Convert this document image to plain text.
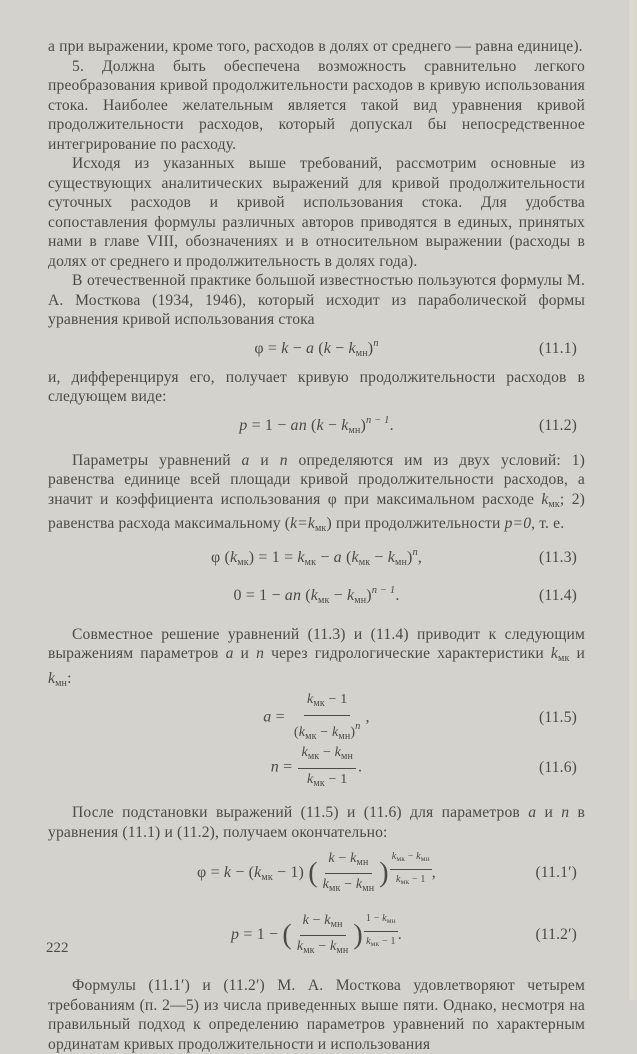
а при выражении, кроме того, расходов в долях от среднего — равна единице).

5. Должна быть обеспечена возможность сравнительно легкого преобразования кривой продолжительности расходов в кривую использования стока. Наиболее желательным является такой вид уравнения кривой продолжительности расходов, который допускал бы непосредственное интегрирование по расходу.

Исходя из указанных выше требований, рассмотрим основные из существующих аналитических выражений для кривой продолжительности суточных расходов и кривой использования стока. Для удобства сопоставления формулы различных авторов приводятся в единых, принятых нами в главе VIII, обозначениях и в относительном выражении (расходы в долях от среднего и продолжительность в долях года).

В отечественной практике большой известностью пользуются формулы М. А. Мосткова (1934, 1946), который исходит из параболической формы уравнения кривой использования стока

φ = k − a $(k - k_{мн})^n$	(11.1)

и, дифференцируя его, получает кривую продолжительности расходов в следующем виде:

p = 1 − an $(k - k_{мн})^{n - 1}$.	(11.2)

Параметры уравнений a и n определяются им из двух условий: 1) равенства единице всей площади кривой продолжительности расходов, а значит и коэффициента использования φ при максимальном расходе $k_{мк}$; 2) равенства расхода максимальному $(k=k_{мк})$ при продолжительности p=0, т. е.

φ $(k_{мк}) = 1 = k_{мк} - a$ $(k_{мк} - k_{мн})^n$,	(11.3)
0 = 1 − an $(k_{мк} - k_{мн})^{n - 1}$.	(11.4)

Совместное решение уравнений (11.3) и (11.4) приводит к следующим выражениям параметров a и n через гидрологические характеристики $k_{мк}$ и $k_{мн}$:

$a = \frac{k_{мк} - 1}{(k_{мк} - k_{мн})^n}$ ,	(11.5)
$n = \frac{k_{мк} - k_{мн}}{k_{мк} - 1}$ .	(11.6)

После подстановки выражений (11.5) и (11.6) для параметров a и n в уравнения (11.1) и (11.2), получаем окончательно:

$\varphi = k - (k_{мк} - 1)$ ( $\frac{k - k_{мн}}{k_{мк} - k_{мн}}$ )
$k_{мк} - k_{мн}$
$k_{мк} - 1$ ,	(11.1′)
p = 1 − ( $\frac{k - k_{мн}}{k_{мк} - k_{мн}}$ )
$1 - k_{мн}$
$k_{мк} - 1$ .	(11.2′)

Формулы (11.1′) и (11.2′) М. А. Мосткова удовлетворяют четырем требованиям (п. 2—5) из числа приведенных выше пяти. Однако, несмотря на правильный подход к определению параметров уравнений по характерным ординатам кривых продолжительности и использования

222
